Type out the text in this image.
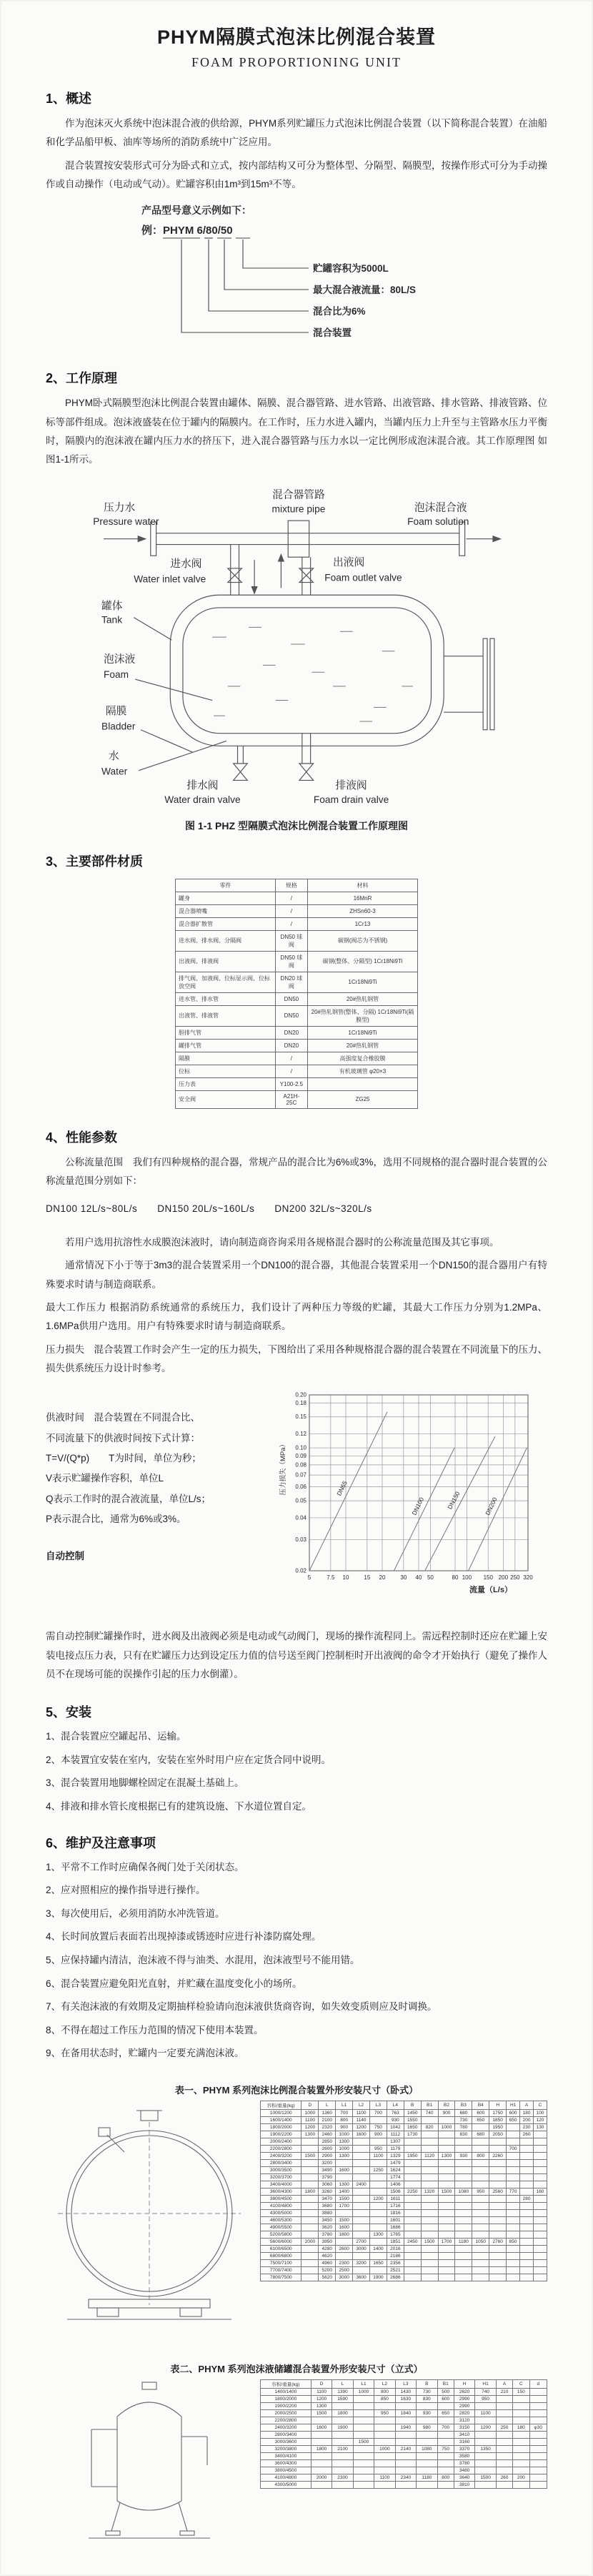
PHYM隔膜式泡沫比例混合装置
FOAM PROPORTIONING UNIT
1、概述

作为泡沫灭火系统中泡沫混合液的供给源，PHYM系列贮罐压力式泡沫比例混合装置（以下简称混合装置）在油船和化学品船甲板、油库等场所的消防系统中广泛应用。

混合装置按安装形式可分为卧式和立式，按内部结构又可分为整体型、分隔型、隔膜型，按操作形式可分为手动操作或自动操作（电动或气动）。贮罐容积由1m³到15m³不等。

产品型号意义示例如下：
例：PHYM 6/80/50
贮罐容积为5000L
最大混合液流量：80L/S
混合比为6%
混合装置
2、工作原理

PHYM卧式隔膜型泡沫比例混合装置由罐体、隔膜、混合器管路、进水管路、出液管路、排水管路、排液管路、位标等部件组成。泡沫液盛装在位于罐内的隔膜内。在工作时，压力水进入罐内，当罐内压力上升至与主管路水压力平衡时，隔膜内的泡沫液在罐内压力水的挤压下，进入混合器管路与压力水以一定比例形成泡沫混合液。其工作原理图 如图1-1所示。

压力水
Pressure water
混合器管路
mixture pipe	泡沫混合液
Foam solution
进水阀
Water inlet valve
出液阀
Foam outlet valve
罐体
Tank
泡沫液
Foam
隔膜
Bladder
水
Water
排水阀
Water drain valve
排液阀
Foam drain valve
图 1-1 PHZ 型隔膜式泡沫比例混合装置工作原理图
3、主要部件材质
零件	规格	材料
罐身	/	16MnR
混合器喷嘴	/	ZHSn60-3
混合器扩散管	/	1Cr13
进水阀、排水阀、分隔阀	DN50 球阀	碳钢(阀芯为不锈钢)
出液阀、排液阀	DN50 球阀	碳钢(整体、分隔型) 1Cr18Ni9Ti
排气阀、加液阀、位标显示阀、位标放空阀	DN20 球阀	1Cr18Ni9Ti
进水管、排水管	DN50	20#热轧钢管
出液管、排液管	DN50	20#热轧钢管(整体、分隔) 1Cr18Ni9Ti(隔膜型)
胆排气管	DN20	1Cr18Ni9Ti
罐排气管	DN20	20#热轧钢管
隔膜	/	高强度复合橡胶膜
位标	/	有机玻璃管 φ20×3
压力表	Y100-2.5	
安全阀	A21H-25C	ZG25
4、性能参数

公称流量范围　我们有四种规格的混合器，常规产品的混合比为6%或3%，选用不同规格的混合器时混合装置的公称流量范围分别如下：

DN100 12L/s~80L/s　　DN150 20L/s~160L/s　　DN200 32L/s~320L/s

若用户选用抗溶性水成膜泡沫液时，请向制造商咨询采用各规格混合器时的公称流量范围及其它事项。

通常情况下小于等于3m3的混合装置采用一个DN100的混合器，其他混合装置采用一个DN150的混合器用户有特殊要求时请与制造商联系。

最大工作压力 根据消防系统通常的系统压力，我们设计了两种压力等级的贮罐，其最大工作压力分别为1.2MPa、1.6MPa供用户选用。用户有特殊要求时请与制造商联系。

压力损失　混合装置工作时会产生一定的压力损失，下图给出了采用各种规格混合器的混合装置在不同流量下的压力、损失供系统压力设计时参考。

供液时间　混合装置在不同混合比、

不同流量下的供液时间按下式计算：

T=V/(Q*p)　　T为时间，单位为秒；

V表示贮罐操作容积，单位L

Q表示工作时的混合液流量，单位L/s；

P表示混合比，通常为6%或3%。

自动控制
5	7.5 10	15 20	30 40 50	80 100 150 200 250 320
0.20
0.18
0.15
0.12
0.10
0.09
0.08
0.07
0.06
0.05
0.04
0.03
0.02
DN65
DN100	DN150	DN200
压力损失（MPa）
流量（L/s）

需自动控制贮罐操作时，进水阀及出液阀必须是电动或气动阀门，现场的操作流程同上。需远程控制时还应在贮罐上安装电接点压力表，只有在贮罐压力达到设定压力值的信号送至阀门控制柜时开出液阀的命令才开始执行（避免了操作人员不在现场可能的误操作引起的压力水倒灌）。

5、安装

1、混合装置应空罐起吊、运输。

2、本装置宜安装在室内，安装在室外时用户应在定货合同中说明。

3、混合装置用地脚螺栓固定在混凝土基础上。

4、排液和排水管长度根据已有的建筑设施、下水道位置自定。

6、维护及注意事项

1、平常不工作时应确保各阀门处于关闭状态。

2、应对照相应的操作指导进行操作。

3、每次使用后，必须用消防水冲洗管道。

4、长时间放置后表面若出现掉漆或锈迹时应进行补漆防腐处理。

5、应保持罐内清洁，泡沫液不得与油类、水混用，泡沫液型号不能用错。

6、混合装置应避免阳光直射，并贮藏在温度变化小的场所。

7、有关泡沫液的有效期及定期抽样检验请向泡沫液供货商咨询，如失效变质则应及时调换。

8、不得在超过工作压力范围的情况下使用本装置。

9、在备用状态时，贮罐内一定要充满泡沫液。

表一、PHYM 系列泡沫比例混合装置外形安装尺寸（卧式）
容积/重量(kg)	D	L	L1	L2	L3	L4	B	B1	B2	B3	B4	H	H1	A	C
1000/1200	1000	1360	700	1100	700	763	1450	740	900	680	600	1750	600	180	100
1600/1400	1100	2100	800	1140		930	1550			730	650	1850	650	200	120
1800/2000	1200	2320	900	1200	750	1042	1650	820	1000	780		1950		230	130
1900/2200	1300	2460	1000	1600	900	1112	1730			830	680	2050		260	
2000/2400		2850	1300			1307									
2200/2800		2600	1000		950	1179							700		
2400/3200	1500	2900	1300		1100	1329	1950	1120	1300	930	800	2260			
2800/3400		3200				1479									
3000/3500		3490	1600		1250	1624									
3200/3700		3790				1774									
3400/4000		3060	1300	2400		1406									
3600/4300	1800	3260	1400			1506	2250	1320	1500	1080	950	2560	770		160
3800/4500		3470	1500		1200	1611								280	
4100/4800		3680	1700			1716									
4300/5000		3880				1816									
4600/5300		3450	1500			1601									
4900/5500		3620	1600			1686									
5200/5800		3780	1800		1300	1765									
5600/6000	2000	3950		2700		1851	2450	1500	1700	1180	1050	2760	850		
6100/6500		4280	2600	3000	1400	2016									
6800/6800		4620				2186									
7500/7100		4960	2300	3200	1650	2356									
7700/7400		5200	2500			2521									
7800/7500		5620	3000	3600	1900	2686									
表二、PHYM 系列泡沫液储罐混合装置外形安装尺寸（立式）
容积/重量(kg)	D	L	L1	L2	L3	B	B1	H	H1	A	C	d
1400/1400	1100	1390	1000	800	1430	730	500	2620	740	210	150	
1800/2000	1200	1590		850	1630	830	600	2990	950			
1900/2200	1300							2990				
2000/2500	1500	1800		950	1840	930	650	2820	1100			
2200/2800								3120				
2400/3200	1600	1900			1940	980	700	3150	1200	250	180	φ30
2800/3400								3410				
3000/3600			1500					3160				
3200/3800	1800	2100		1000	2140	1080	750	3370	1350			
3400/4100								3580				
3600/4300								3780				
3800/4500								3480				
4100/4800	2000	2300		1100	2340	1180	800	3640	1500	260	200	
4300/5000								3810				
